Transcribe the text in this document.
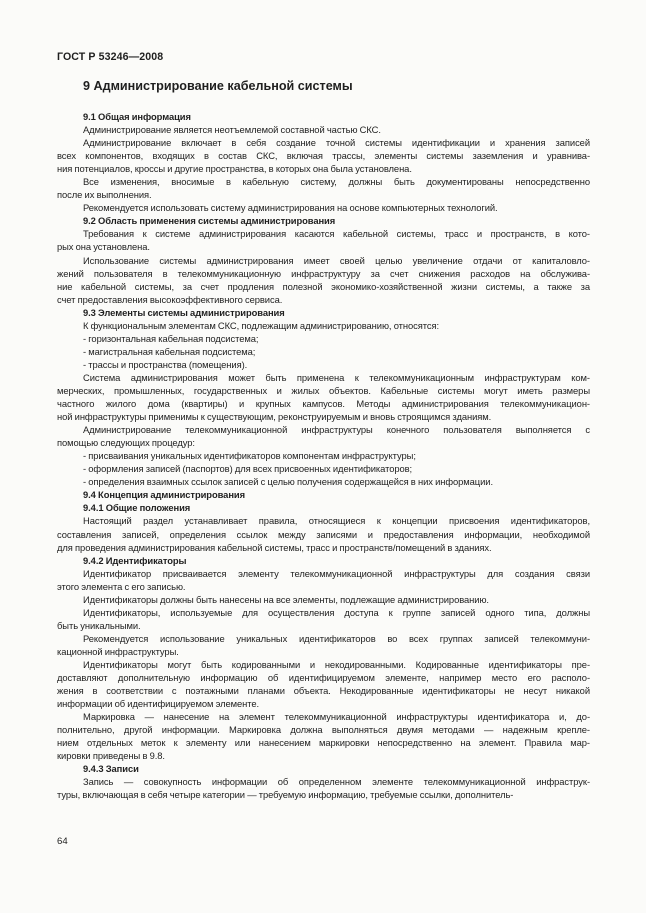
ГОСТ Р 53246—2008
9 Администрирование кабельной системы
9.1 Общая информация
Администрирование является неотъемлемой составной частью СКС.
Администрирование включает в себя создание точной системы идентификации и хранения записей
всех компонентов, входящих в состав СКС, включая трассы, элементы системы заземления и уравнива-
ния потенциалов, кроссы и другие пространства, в которых она была установлена.
Все изменения, вносимые в кабельную систему, должны быть документированы непосредственно
после их выполнения.
Рекомендуется использовать систему администрирования на основе компьютерных технологий.
9.2 Область применения системы администрирования
Требования к системе администрирования касаются кабельной системы, трасс и пространств, в кото-
рых она установлена.
Использование системы администрирования имеет своей целью увеличение отдачи от капиталовло-
жений пользователя в телекоммуникационную инфраструктуру за счет снижения расходов на обслужива-
ние кабельной системы, за счет продления полезной экономико-хозяйственной жизни системы, а также за
счет предоставления высокоэффективного сервиса.
9.3 Элементы системы администрирования
К функциональным элементам СКС, подлежащим администрированию, относятся:
- горизонтальная кабельная подсистема;
- магистральная кабельная подсистема;
- трассы и пространства (помещения).
Система администрирования может быть применена к телекоммуникационным инфраструктурам ком-
мерческих, промышленных, государственных и жилых объектов. Кабельные системы могут иметь размеры
частного жилого дома (квартиры) и крупных кампусов. Методы администрирования телекоммуникацион-
ной инфраструктуры применимы к существующим, реконструируемым и вновь строящимся зданиям.
Администрирование телекоммуникационной инфраструктуры конечного пользователя выполняется с
помощью следующих процедур:
- присваивания уникальных идентификаторов компонентам инфраструктуры;
- оформления записей (паспортов) для всех присвоенных идентификаторов;
- определения взаимных ссылок записей с целью получения содержащейся в них информации.
9.4 Концепция администрирования
9.4.1 Общие положения
Настоящий раздел устанавливает правила, относящиеся к концепции присвоения идентификаторов,
составления записей, определения ссылок между записями и предоставления информации, необходимой
для проведения администрирования кабельной системы, трасс и пространств/помещений в зданиях.
9.4.2 Идентификаторы
Идентификатор присваивается элементу телекоммуникационной инфраструктуры для создания связи
этого элемента с его записью.
Идентификаторы должны быть нанесены на все элементы, подлежащие администрированию.
Идентификаторы, используемые для осуществления доступа к группе записей одного типа, должны
быть уникальными.
Рекомендуется использование уникальных идентификаторов во всех группах записей телекоммуни-
кационной инфраструктуры.
Идентификаторы могут быть кодированными и некодированными. Кодированные идентификаторы пре-
доставляют дополнительную информацию об идентифицируемом элементе, например место его располо-
жения в соответствии с поэтажными планами объекта. Некодированные идентификаторы не несут никакой
информации об идентифицируемом элементе.
Маркировка — нанесение на элемент телекоммуникационной инфраструктуры идентификатора и, до-
полнительно, другой информации. Маркировка должна выполняться двумя методами — надежным крепле-
нием отдельных меток к элементу или нанесением маркировки непосредственно на элемент. Правила мар-
кировки приведены в 9.8.
9.4.3 Записи
Запись — совокупность информации об определенном элементе телекоммуникационной инфраструк-
туры, включающая в себя четыре категории — требуемую информацию, требуемые ссылки, дополнитель-
64
